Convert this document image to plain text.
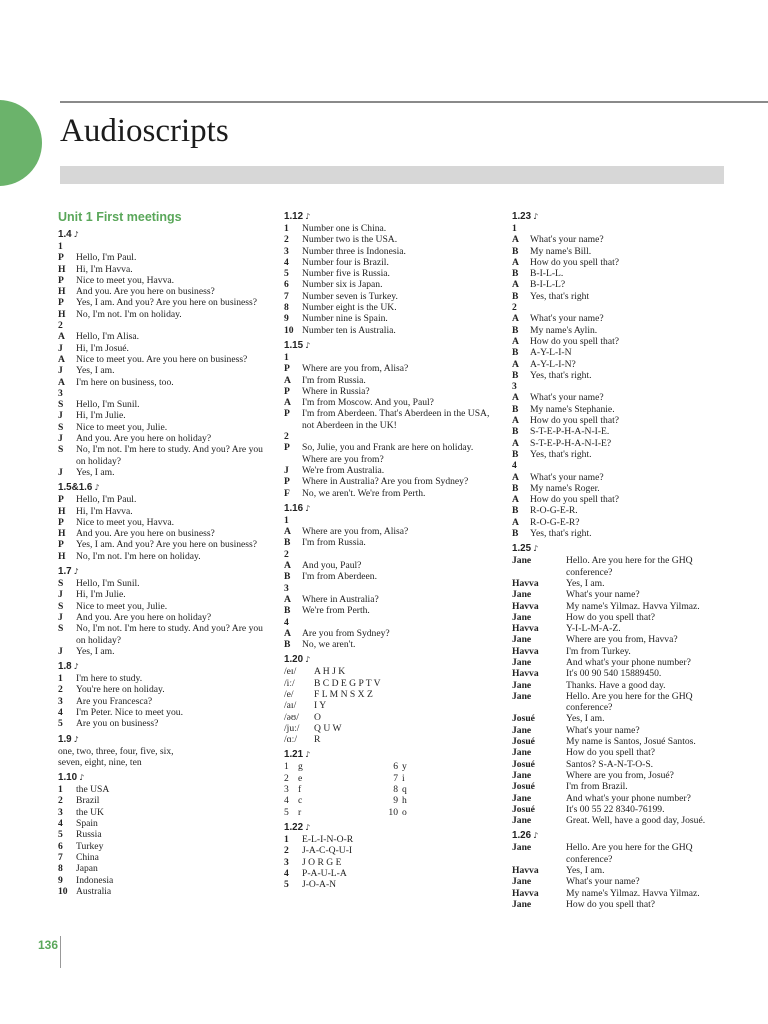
Audioscripts
Unit 1 First meetings
1.4 ♪
1
P	Hello, I'm Paul.
H	Hi, I'm Havva.
P	Nice to meet you, Havva.
H	And you. Are you here on business?
P	Yes, I am. And you? Are you here on business?
H	No, I'm not. I'm on holiday.
2
A	Hello, I'm Alisa.
J	Hi, I'm Josué.
A	Nice to meet you. Are you here on business?
J	Yes, I am.
A	I'm here on business, too.
3
S	Hello, I'm Sunil.
J	Hi, I'm Julie.
S	Nice to meet you, Julie.
J	And you. Are you here on holiday?
S	No, I'm not. I'm here to study. And you? Are you on holiday?
J	Yes, I am.
1.5&1.6 ♪
P	Hello, I'm Paul.
H	Hi, I'm Havva.
P	Nice to meet you, Havva.
H	And you. Are you here on business?
P	Yes, I am. And you? Are you here on business?
H	No, I'm not. I'm here on holiday.
1.7 ♪
S	Hello, I'm Sunil.
J	Hi, I'm Julie.
S	Nice to meet you, Julie.
J	And you. Are you here on holiday?
S	No, I'm not. I'm here to study. And you? Are you on holiday?
J	Yes, I am.
1.8 ♪
1	I'm here to study.
2	You're here on holiday.
3	Are you Francesca?
4	I'm Peter. Nice to meet you.
5	Are you on business?
1.9 ♪
one, two, three, four, five, six,
seven, eight, nine, ten
1.10 ♪
1	the USA
2	Brazil
3	the UK
4	Spain
5	Russia
6	Turkey
7	China
8	Japan
9	Indonesia
10 Australia
1.12 ♪
1	Number one is China.
2	Number two is the USA.
3	Number three is Indonesia.
4	Number four is Brazil.
5	Number five is Russia.
6	Number six is Japan.
7	Number seven is Turkey.
8	Number eight is the UK.
9	Number nine is Spain.
10 Number ten is Australia.
1.15 ♪
1
P	Where are you from, Alisa?
A	I'm from Russia.
P	Where in Russia?
A	I'm from Moscow. And you, Paul?
P	I'm from Aberdeen. That's Aberdeen in the USA, not Aberdeen in the UK!
2
P	So, Julie, you and Frank are here on holiday. Where are you from?
J	We're from Australia.
P	Where in Australia? Are you from Sydney?
F	No, we aren't. We're from Perth.
1.16 ♪
1
A	Where are you from, Alisa?
B	I'm from Russia.
2
A	And you, Paul?
B	I'm from Aberdeen.
3
A	Where in Australia?
B	We're from Perth.
4
A	Are you from Sydney?
B	No, we aren't.
1.20 ♪
/eɪ/	A H J K
/iː/	B C D E G P T V
/e/	F L M N S X Z
/aɪ/	I Y
/əʊ/	O
/juː/	Q U W
/ɑː/	R
1.21 ♪
1 g	6 y
2 e	7 i
3 f	8 q
4 c	9 h
5 r	10 o
1.22 ♪
1	E-L-I-N-O-R
2	J-A-C-Q-U-I
3	J O R G E
4	P-A-U-L-A
5	J-O-A-N
1.23 ♪
1
A	What's your name?
B	My name's Bill.
A	How do you spell that?
B	B-I-L-L.
A	B-I-L-L?
B	Yes, that's right
2
A	What's your name?
B	My name's Aylin.
A	How do you spell that?
B	A-Y-L-I-N
A	A-Y-L-I-N?
B	Yes, that's right.
3
A	What's your name?
B	My name's Stephanie.
A	How do you spell that?
B	S-T-E-P-H-A-N-I-E.
A	S-T-E-P-H-A-N-I-E?
B	Yes, that's right.
4
A	What's your name?
B	My name's Roger.
A	How do you spell that?
B	R-O-G-E-R.
A	R-O-G-E-R?
B	Yes, that's right.
1.25 ♪
Jane	Hello. Are you here for the GHQ conference?
Havva	Yes, I am.
Jane	What's your name?
Havva	My name's Yilmaz. Havva Yilmaz.
Jane	How do you spell that?
Havva	Y-I-L-M-A-Z.
Jane	Where are you from, Havva?
Havva	I'm from Turkey.
Jane	And what's your phone number?
Havva	It's 00 90 540 15889450.
Jane	Thanks. Have a good day.
Jane	Hello. Are you here for the GHQ conference?
Josué	Yes, I am.
Jane	What's your name?
Josué	My name is Santos, Josué Santos.
Jane	How do you spell that?
Josué	Santos? S-A-N-T-O-S.
Jane	Where are you from, Josué?
Josué	I'm from Brazil.
Jane	And what's your phone number?
Josué	It's 00 55 22 8340-76199.
Jane	Great. Well, have a good day, Josué.
1.26 ♪
Jane	Hello. Are you here for the GHQ conference?
Havva	Yes, I am.
Jane	What's your name?
Havva	My name's Yilmaz. Havva Yilmaz.
Jane	How do you spell that?
136
